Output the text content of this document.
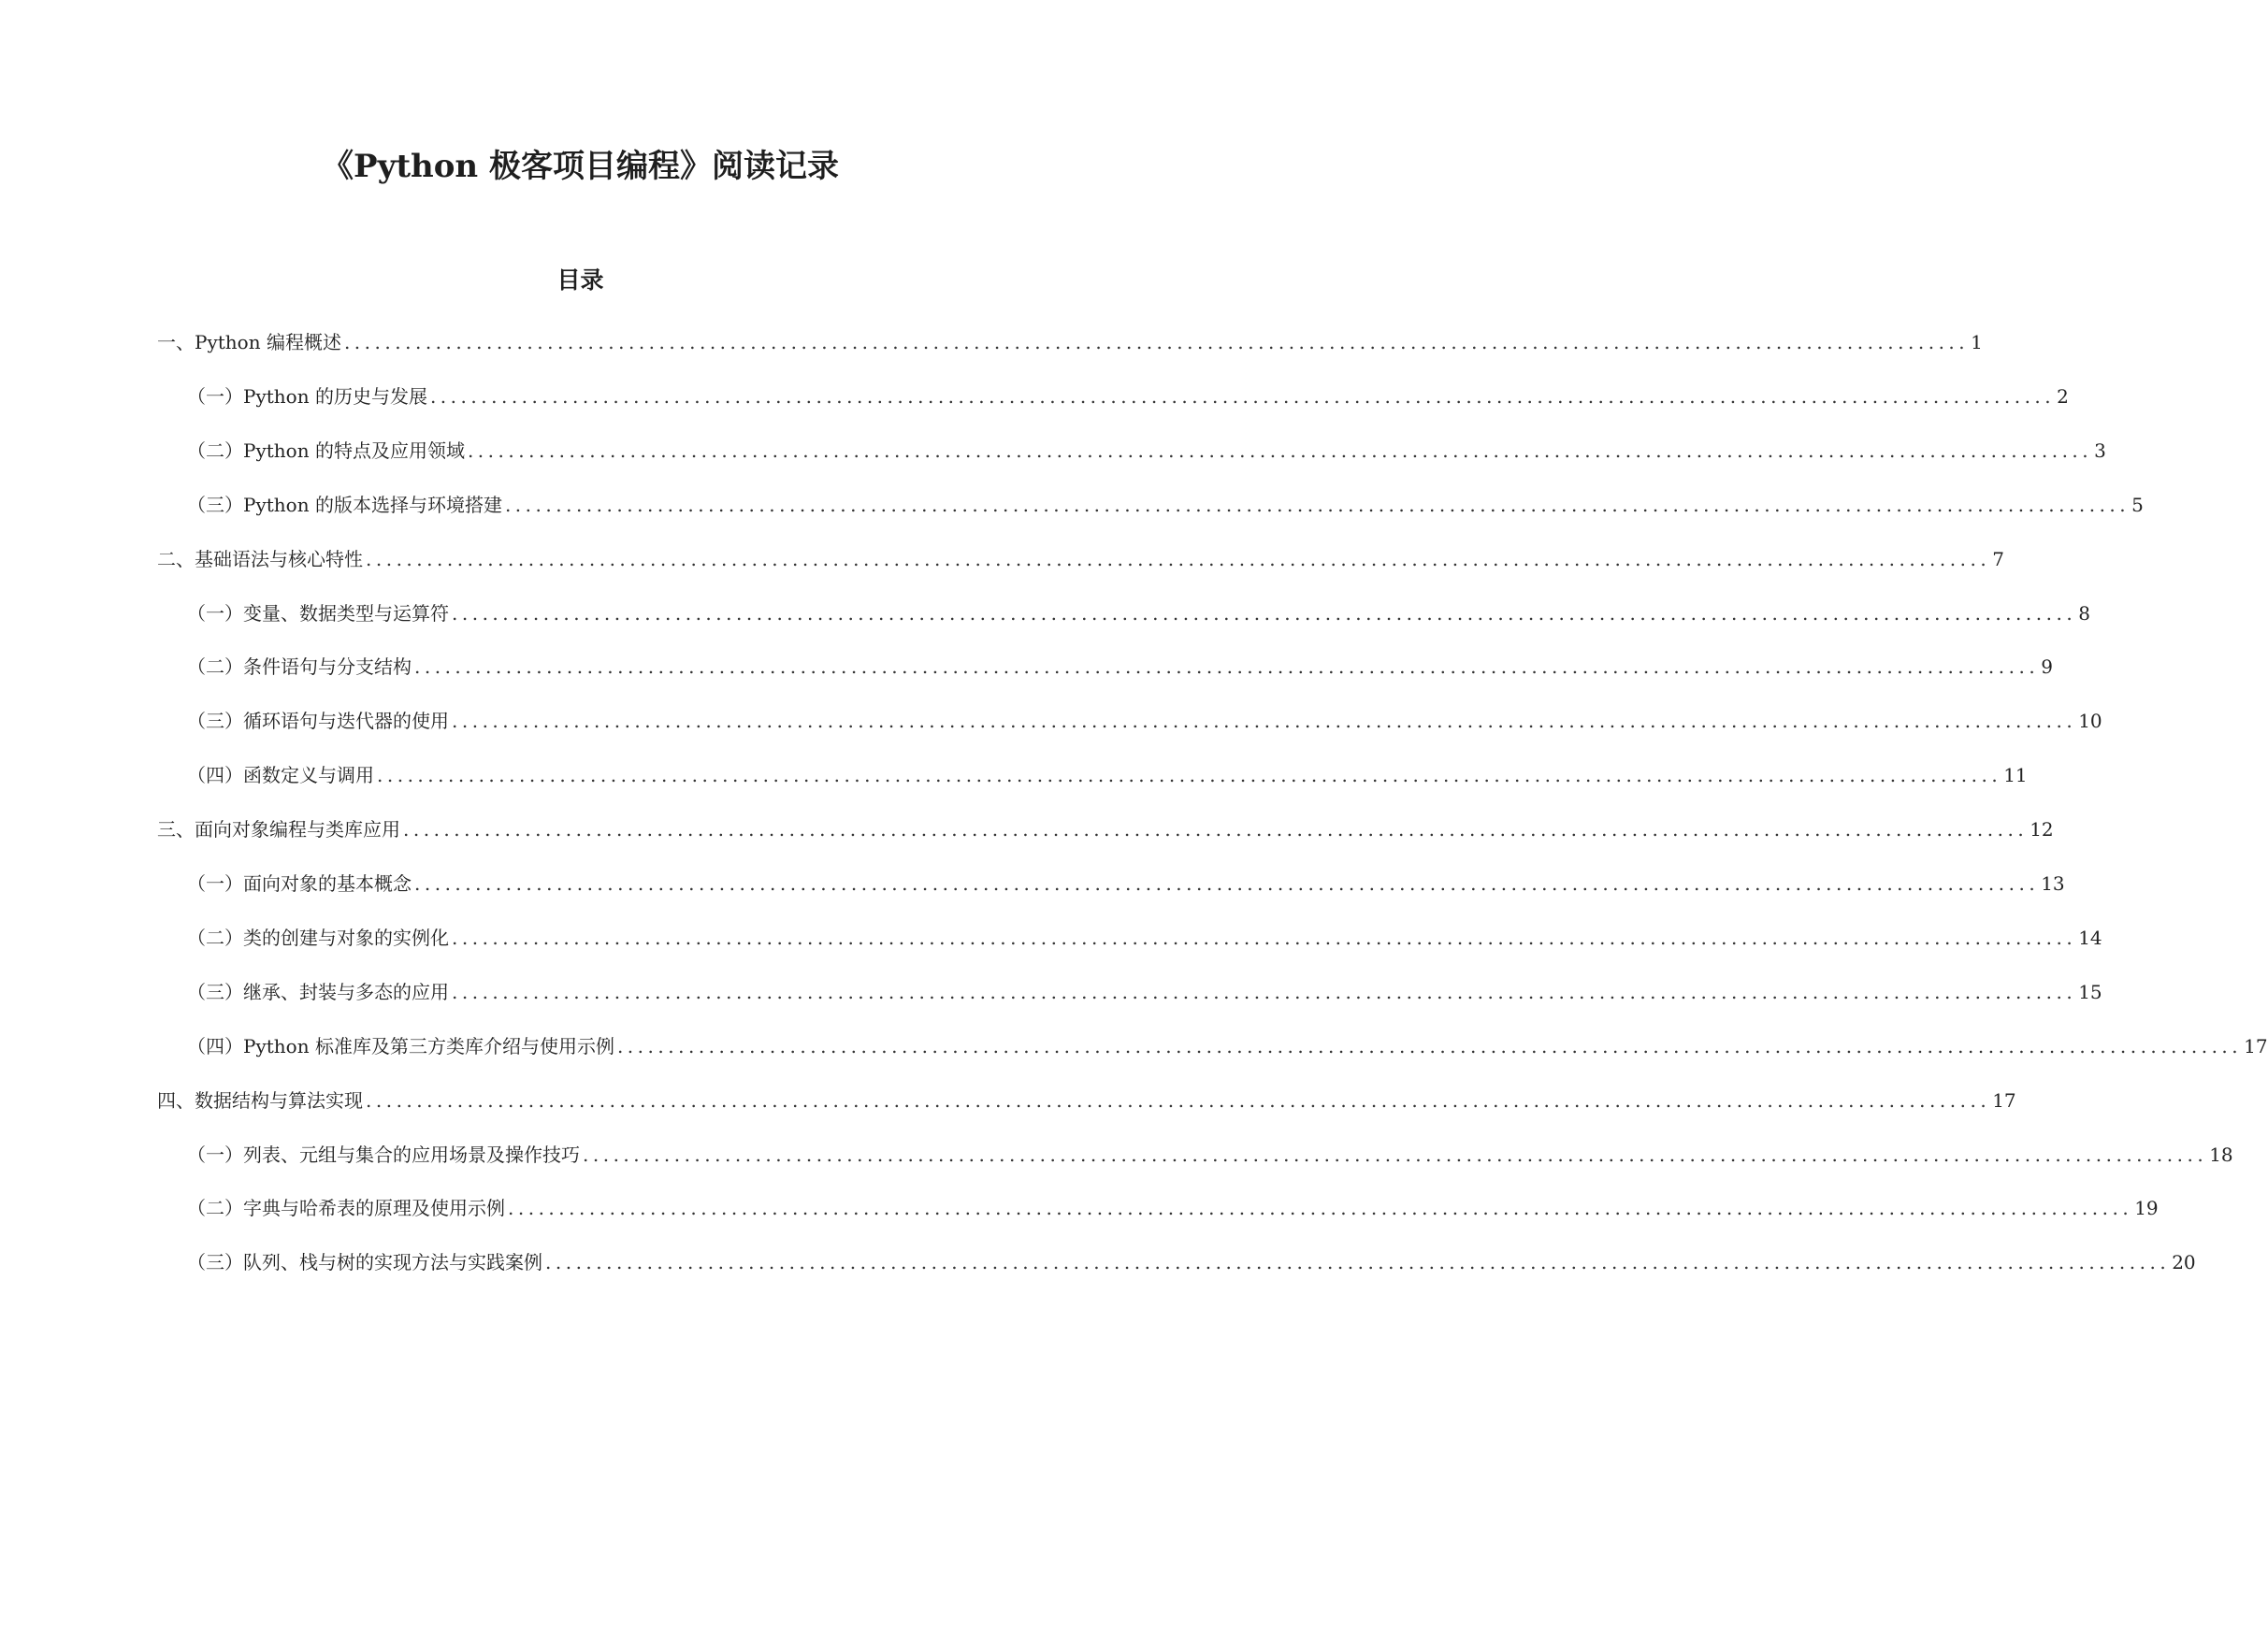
《Python 极客项目编程》阅读记录
目录
一、Python 编程概述 ................................................................................................................................................................ 1
（一）Python 的历史与发展 ................................................................................................................................................................ 2
（二）Python 的特点及应用领域 ................................................................................................................................................................ 3
（三）Python 的版本选择与环境搭建 ................................................................................................................................................................ 5
二、基础语法与核心特性 ................................................................................................................................................................ 7
（一）变量、数据类型与运算符 ................................................................................................................................................................ 8
（二）条件语句与分支结构 ................................................................................................................................................................ 9
（三）循环语句与迭代器的使用 ................................................................................................................................................................ 10
（四）函数定义与调用 ................................................................................................................................................................ 11
三、面向对象编程与类库应用 ................................................................................................................................................................ 12
（一）面向对象的基本概念 ................................................................................................................................................................ 13
（二）类的创建与对象的实例化 ................................................................................................................................................................ 14
（三）继承、封装与多态的应用 ................................................................................................................................................................ 15
（四）Python 标准库及第三方类库介绍与使用示例 ................................................................................................................................................................ 17
四、数据结构与算法实现 ................................................................................................................................................................ 17
（一）列表、元组与集合的应用场景及操作技巧 ................................................................................................................................................................ 18
（二）字典与哈希表的原理及使用示例 ................................................................................................................................................................ 19
（三）队列、栈与树的实现方法与实践案例 ................................................................................................................................................................ 20
